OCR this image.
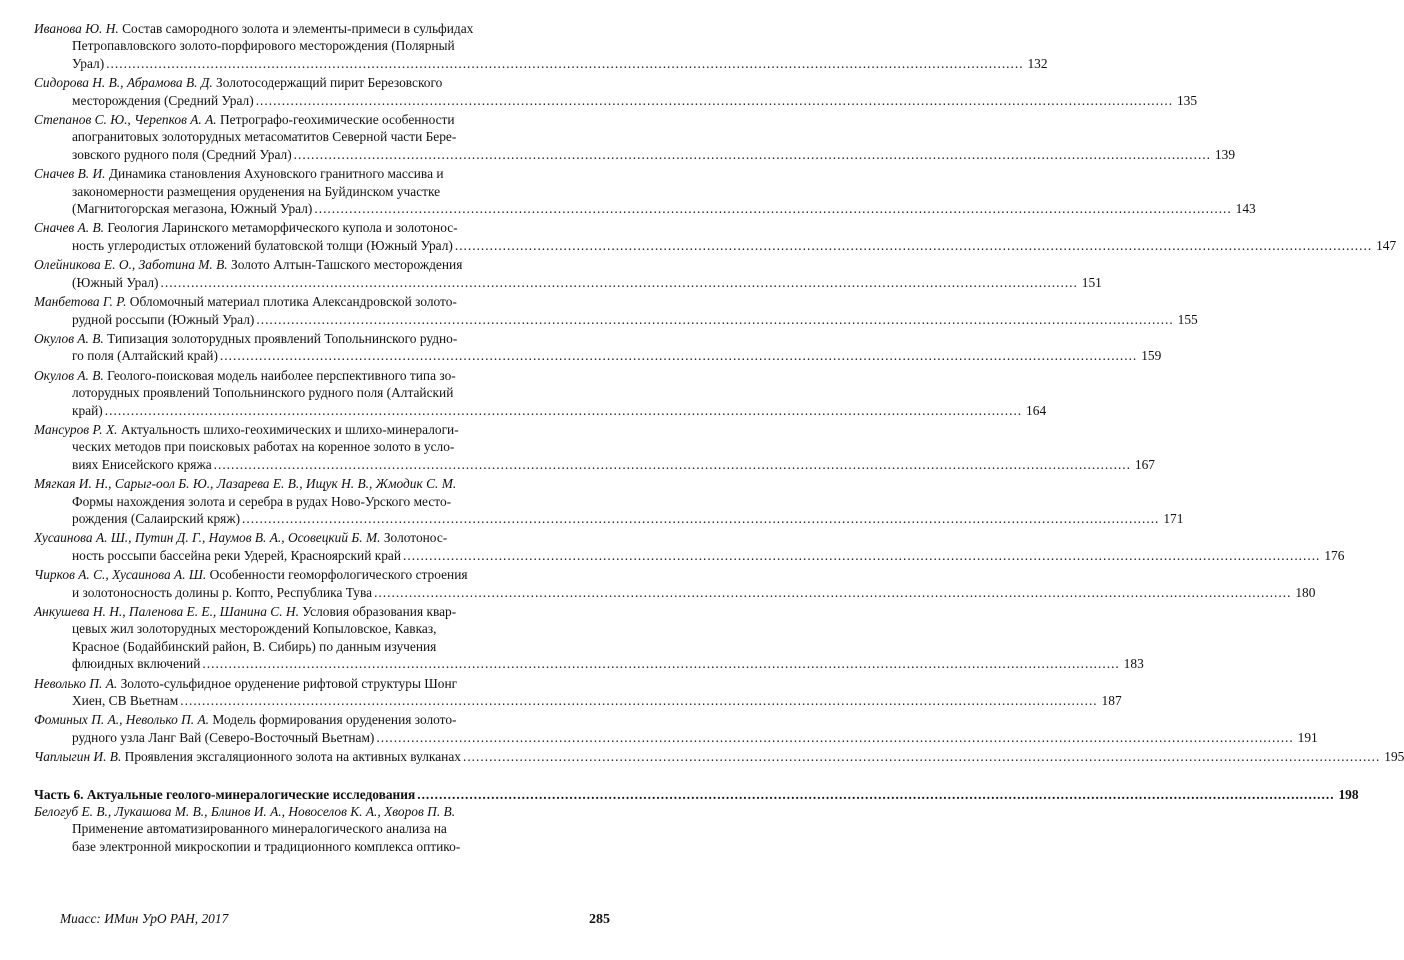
Иванова Ю. Н. Состав самородного золота и элементы-примеси в сульфидах
Петропавловского золото-порфирового месторождения (Полярный
Урал) .....	132
Сидорова Н. В., Абрамова В. Д. Золотосодержащий пирит Березовского
месторождения (Средний Урал) .....	135
Степанов С. Ю., Черепков А. А. Петрографо-геохимические особенности
апогранитовых золоторудных метасоматитов Северной части Бере-
зовского рудного поля (Средний Урал) .....	139
Сначев В. И. Динамика становления Ахуновского гранитного массива и
закономерности размещения оруденения на Буйдинском участке
(Магнитогорская мегазона, Южный Урал) .....	143
Сначев А. В. Геология Ларинского метаморфического купола и золотонос-
ность углеродистых отложений булатовской толщи (Южный Урал) .....	147
Олейникова Е. О., Заботина М. В. Золото Алтын-Ташского месторождения
(Южный Урал) .....	151
Манбетова Г. Р. Обломочный материал плотика Александровской золото-
рудной россыпи (Южный Урал) .....	155
Окулов А. В. Типизация золоторудных проявлений Топольнинского рудно-
го поля (Алтайский край) .....	159
Окулов А. В. Геолого-поисковая модель наиболее перспективного типа зо-
лоторудных проявлений Топольнинского рудного поля (Алтайский
край) .....	164
Мансуров Р. Х. Актуальность шлихо-геохимических и шлихо-минералоги-
ческих методов при поисковых работах на коренное золото в усло-
виях Енисейского кряжа .....	167
Мягкая И. Н., Сарыг-оол Б. Ю., Лазарева Е. В., Ищук Н. В., Жмодик С. М.
Формы нахождения золота и серебра в рудах Ново-Урского место-
рождения (Салаирский кряж) .....	171
Хусаинова А. Ш., Путин Д. Г., Наумов В. А., Осовецкий Б. М. Золотонос-
ность россыпи бассейна реки Удерей, Красноярский край .....	176
Чирков А. С., Хусаинова А. Ш. Особенности геоморфологического строения
и золотоносность долины р. Копто, Республика Тува .....	180
Анкушева Н. Н., Паленова Е. Е., Шанина С. Н. Условия образования квар-
цевых жил золоторудных месторождений Копыловское, Кавказ,
Красное (Бодайбинский район, В. Сибирь) по данным изучения
флюидных включений .....	183
Неволько П. А. Золото-сульфидное оруденение рифтовой структуры Шонг
Хиен, СВ Вьетнам .....	187
Фоминых П. А., Неволько П. А. Модель формирования оруденения золото-
рудного узла Ланг Вай (Северо-Восточный Вьетнам) .....	191
Чаплыгин И. В. Проявления эксгаляционного золота на активных вулканах .....	195
Часть 6. Актуальные геолого-минералогические исследования .....	198
Белогуб Е. В., Лукашова М. В., Блинов И. А., Новоселов К. А., Хворов П. В.
Применение автоматизированного минералогического анализа на
базе электронной микроскопии и традиционного комплекса оптико-
Миасс: ИМин УрО РАН, 2017	285
